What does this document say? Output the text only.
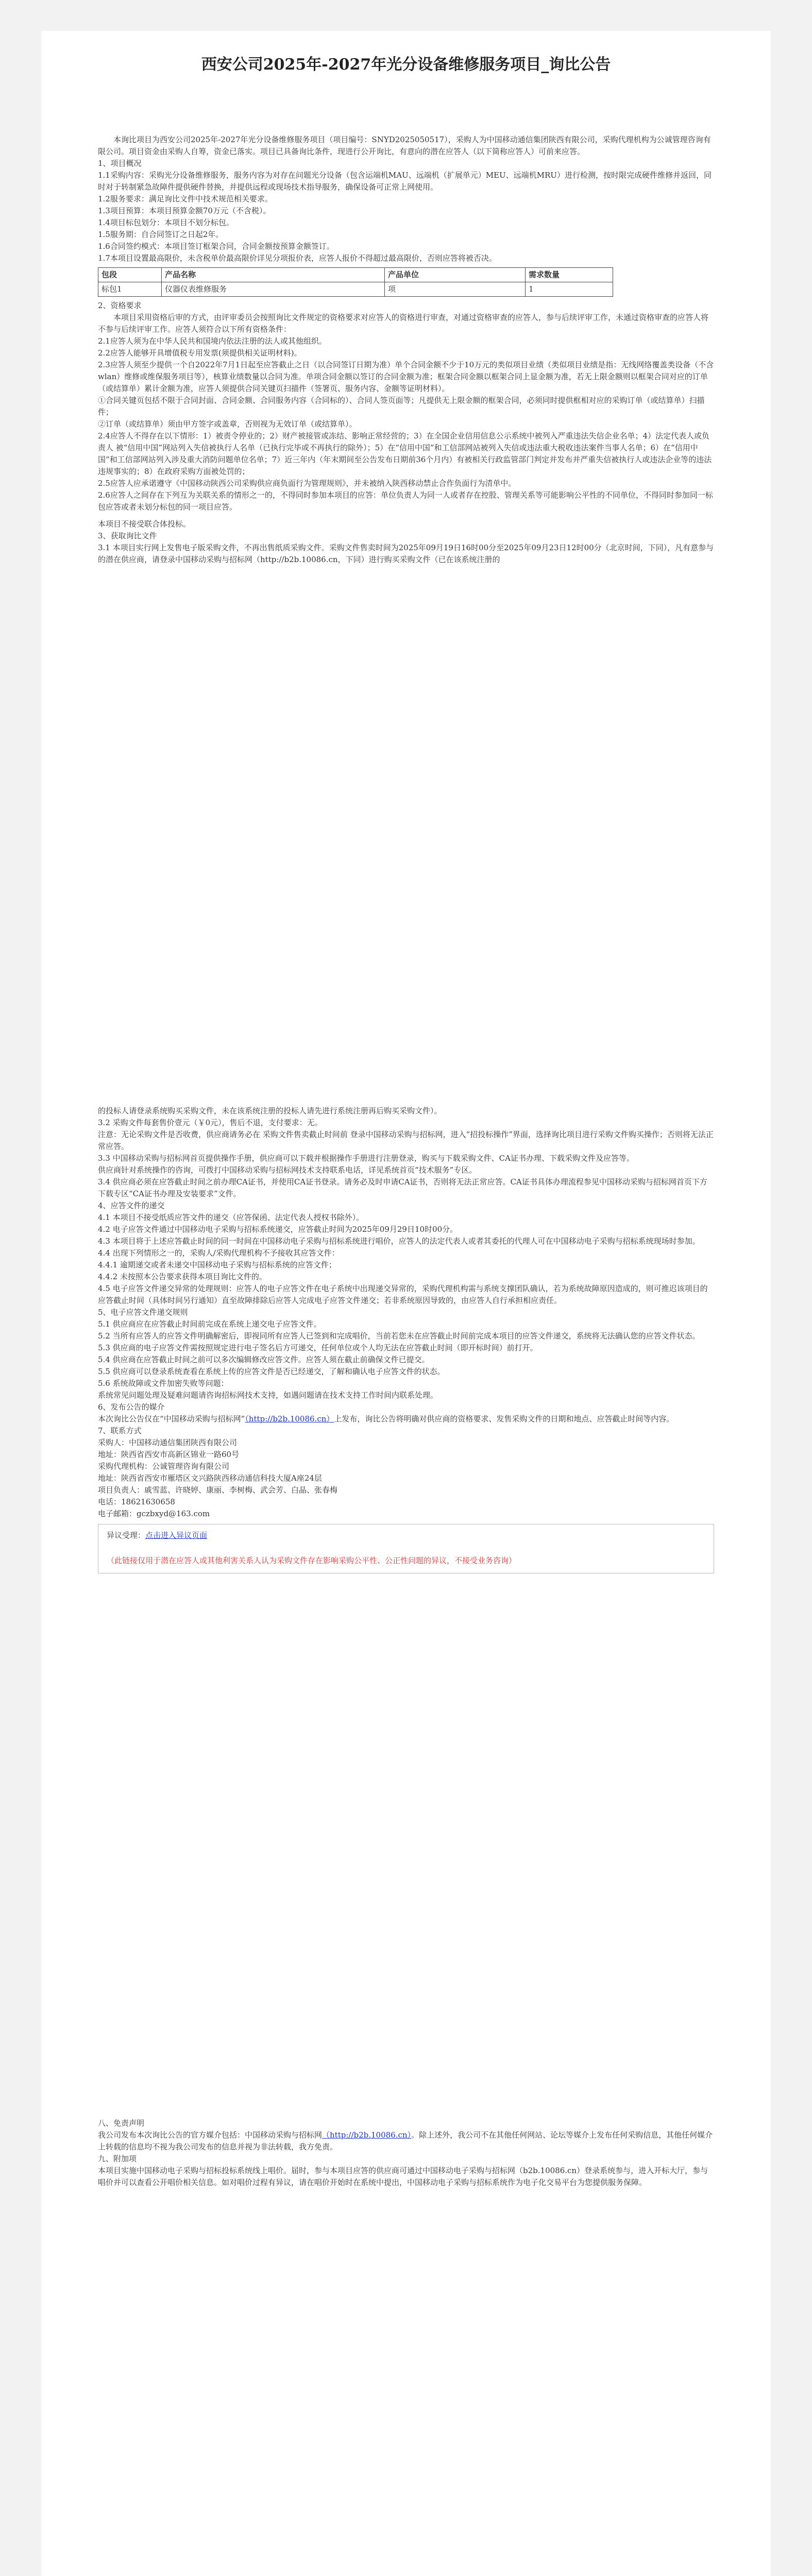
西安公司2025年-2027年光分设备维修服务项目_询比公告

本询比项目为西安公司2025年-2027年光分设备维修服务项目（项目编号：SNYD2025050517），采购人为中国移动通信集团陕西有限公司，采购代理机构为公诚管理咨询有限公司。项目资金由采购人自筹，资金已落实。项目已具备询比条件，现进行公开询比，有意向的潜在应答人（以下简称应答人）可前来应答。

1、项目概况

1.1采购内容：采购光分设备维修服务，服务内容为对存在问题光分设备（包含运端机MAU、远端机（扩展单元）MEU、远端机MRU）进行检测，按时限完成硬件维修并返回，同时对于转制紧急故障件提供硬件替换，并提供远程或现场技术指导服务，确保设备可正常上网使用。

1.2服务要求：满足询比文件中技术规范相关要求。

1.3项目预算：本项目预算金额70万元（不含税）。

1.4项目标包划分：本项目不划分标包。

1.5服务期：自合同签订之日起2年。

1.6合同签约模式：本项目签订框架合同，合同金额按预算金额签订。

1.7本项目设置最高限价，未含税单价最高限价详见分项报价表，应答人报价不得超过最高限价，否则应答将被否决。

包段	产品名称	产品单位	需求数量
标包1	仪器仪表维修服务	项	1

2、资格要求

本项目采用资格后审的方式，由评审委员会按照询比文件规定的资格要求对应答人的资格进行审查，对通过资格审查的应答人，参与后续评审工作，未通过资格审查的应答人将不参与后续评审工作。应答人须符合以下所有资格条件：

2.1应答人须为在中华人民共和国境内依法注册的法人或其他组织。

2.2应答人能够开具增值税专用发票(须提供相关证明材料)。

2.3应答人须至少提供一个自2022年7月1日起至应答截止之日（以合同签订日期为准）单个合同金额不少于10万元的类似项目业绩（类似项目业绩是指：无线网络覆盖类设备（不含wlan）维修或维保服务项目等），核算业绩数量以合同为准。单项合同金额以签订的合同金额为准；框架合同金额以框架合同上显金额为准，若无上限金额则以框架合同对应的订单（或结算单）累计金额为准，应答人须提供合同关键页扫描件（签署页、服务内容、金额等证明材料）。

①合同关键页包括不限于合同封面、合同金额、合同服务内容（合同标的）、合同人签页面等；凡提供无上限金额的框架合同，必须同时提供框相对应的采购订单（或结算单）扫描件；

②订单（或结算单）须由甲方签字或盖章，否则视为无效订单（或结算单）。

2.4应答人不得存在以下情形：1）被责令停业的；2）财产被接管或冻结、影响正常经营的；3）在全国企业信用信息公示系统中被列入严重违法失信企业名单；4）法定代表人或负责人 被“信用中国”网站列入失信被执行人名单（已执行完毕或不再执行的除外）；5）在“信用中国”和工信部网站被列入失信或违法重大税收违法案件当事人名单；6）在“信用中国”和工信部网站列入涉及重大消防问题单位名单；7）近三年内（年末期间至公告发布日期前36个月内）有被相关行政监管部门判定并发布并严重失信被执行人或违法企业等的违法违规事实的；8）在政府采购方面被处罚的；

2.5应答人应承诺遵守《中国移动陕西公司采购供应商负面行为管理规则》，并未被纳入陕西移动禁止合作负面行为清单中。

2.6应答人之间存在下列互为关联关系的情形之一的，不得同时参加本项目的应答：单位负责人为同一人或者存在控股、管理关系等可能影响公平性的不同单位，不得同时参加同一标包应答或者未划分标包的同一项目应答。

本项目不接受联合体投标。

3、获取询比文件

3.1 本项目实行网上发售电子版采购文件，不再出售纸质采购文件。采购文件售卖时间为2025年09月19日16时00分至2025年09月23日12时00分（北京时间，下同），凡有意参与的潜在供应商，请登录中国移动采购与招标网（http://b2b.10086.cn，下同）进行购买采购文件（已在该系统注册的

的投标人请登录系统购买采购文件，未在该系统注册的投标人请先进行系统注册再后购买采购文件）。

3.2 采购文件每套售价壹元（￥0元），售后不退，支付要求：无。

注意：无论采购文件是否收费，供应商请务必在 采购文件售卖截止时间前 登录中国移动采购与招标网，进入“招投标操作”界面，选择询比项目进行采购文件购买操作；否则将无法正常应答。

3.3 中国移动采购与招标网首页提供操作手册，供应商可以下载并根据操作手册进行注册登录，购买与下载采购文件、CA证书办理、下载采购文件及应答等。

供应商针对系统操作的咨询，可拨打中国移动采购与招标网技术支持联系电话，详见系统首页“技术服务”专区。

3.4 供应商必须在应答截止时间之前办理CA证书，并使用CA证书登录。请务必及时申请CA证书，否则将无法正常应答。CA证书具体办理流程参见中国移动采购与招标网首页下方下载专区“CA证书办理及安装要求”文件。

4、应答文件的递交

4.1 本项目不接受纸质应答文件的递交（应答保函、法定代表人授权书除外）。

4.2 电子应答文件通过中国移动电子采购与招标系统递交，应答截止时间为2025年09月29日10时00分。

4.3 本项目将于上述应答截止时间的同一时间在中国移动电子采购与招标系统进行唱价，应答人的法定代表人或者其委托的代理人可在中国移动电子采购与招标系统现场时参加。

4.4 出现下列情形之一的，采购人/采购代理机构不予接收其应答文件：

4.4.1 逾期递交或者未递交中国移动电子采购与招标系统的应答文件；

4.4.2 未按照本公告要求获得本项目询比文件的。

4.5 电子应答文件递交异常的处理规则：应答人的电子应答文件在电子系统中出现递交异常的，采购代理机构需与系统支撑团队确认，若为系统故障原因造成的，则可推迟该项目的应答截止时间（具体时间另行通知）直至故障排除后应答人完成电子应答文件递交；若非系统原因导致的，由应答人自行承担相应责任。

5、电子应答文件递交规则

5.1 供应商应在应答截止时间前完成在系统上递交电子应答文件。

5.2 当所有应答人的应答文件明确解密后，即视同所有应答人已签到和完成唱价，当前若您未在应答截止时间前完成本项目的应答文件递交，系统将无法确认您的应答文件状态。

5.3 供应商的电子应答文件需按照规定进行电子签名后方可递交，任何单位或个人均无法在应答截止时间（即开标时间）前打开。

5.4 供应商在应答截止时间之前可以多次编辑修改应答文件。应答人须在截止前确保文件已提交。

5.5 供应商可以登录系统查看在系统上传的应答文件是否已经递交，了解和确认电子应答文件的状态。

5.6 系统故障或文件加密失败等问题：

系统常见问题处理及疑难问题请咨询招标网技术支持，如遇问题请在技术支持工作时间内联系处理。

6、发布公告的媒介

本次询比公告仅在“中国移动采购与招标网”（http://b2b.10086.cn）上发布，询比公告将明确对供应商的资格要求、发售采购文件的日期和地点、应答截止时间等内容。

7、联系方式

采购人：中国移动通信集团陕西有限公司

地址：陕西省西安市高新区锦业一路60号

采购代理机构：公诚管理咨询有限公司

地址：陕西省西安市雁塔区文兴路陕西移动通信科技大厦A座24层

项目负责人：戚雪蓝、许晓婷、康丽、李树梅、武会芳、白晶、张春梅

电话：18621630658

电子邮箱：gczbxyd@163.com

异议受理：点击进入异议页面

（此链接仅用于潜在应答人或其他利害关系人认为采购文件存在影响采购公平性、公正性问题的异议，不接受业务咨询）

八、免责声明

我公司发布本次询比公告的官方媒介包括：中国移动采购与招标网（http://b2b.10086.cn）。除上述外，我公司不在其他任何网站、论坛等媒介上发布任何采购信息，其他任何媒介上转载的信息均不视为我公司发布的信息并视为非法转载，我方免责。

九、附加项

本项目实施中国移动电子采购与招标投标系统线上唱价。届时，参与本项目应答的供应商可通过中国移动电子采购与招标网（b2b.10086.cn）登录系统参与，进入开标大厅，参与唱价并可以查看公开唱价相关信息。如对唱价过程有异议，请在唱价开始时在系统中提出，中国移动电子采购与招标系统作为电子化交易平台为您提供服务保障。
